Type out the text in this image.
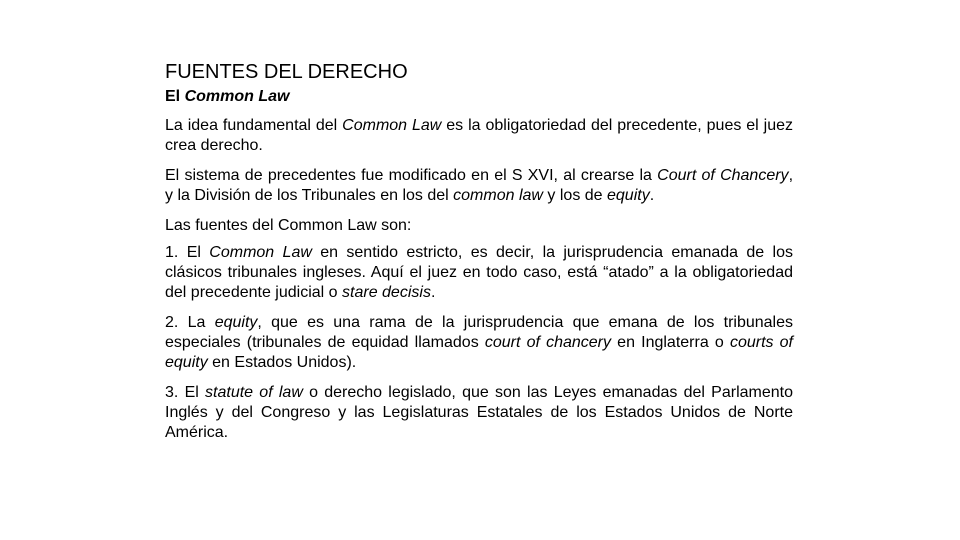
FUENTES DEL DERECHO
El Common Law

La idea fundamental del Common Law es la obligatoriedad del precedente, pues el juez crea derecho.

El sistema de precedentes fue modificado en el S XVI, al crearse la Court of Chancery, y la División de los Tribunales en los del common law y los de equity.

Las fuentes del Common Law son:

1. El Common Law en sentido estricto, es decir, la jurisprudencia emanada de los clásicos tribunales ingleses. Aquí el juez en todo caso, está “atado” a la obligatoriedad del precedente judicial o stare decisis.

2. La equity, que es una rama de la jurisprudencia que emana de los tribunales especiales (tribunales de equidad llamados court of chancery en Inglaterra o courts of equity en Estados Unidos).

3. El statute of law o derecho legislado, que son las Leyes emanadas del Parlamento Inglés y del Congreso y las Legislaturas Estatales de los Estados Unidos de Norte América.
